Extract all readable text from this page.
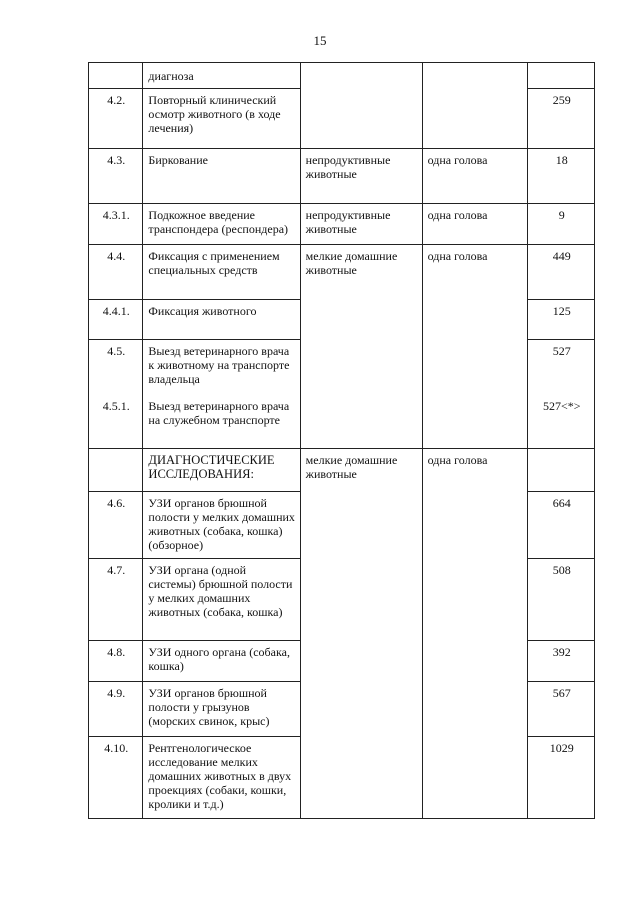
15
	диагноза			
4.2.	Повторный клинический осмотр животного (в ходе лечения)			259
4.3.	Биркование	непродуктивные животные	одна голова	18
4.3.1.	Подкожное введение транспондера (респондера)	непродуктивные животные	одна голова	9
4.4.	Фиксация с применением специальных средств	мелкие домашние животные	одна голова	449
4.4.1.	Фиксация животного			125

4.5.	Выезд ветеринарного врача к животному на транспорте владельца			527

4.5.1.	Выезд ветеринарного врача на служебном транспорте			527<*>
	ДИАГНОСТИЧЕСКИЕ ИССЛЕДОВАНИЯ:	мелкие домашние животные	одна голова	
4.6.	УЗИ органов брюшной полости у мелких домашних животных (собака, кошка) (обзорное)			664
4.7.	УЗИ органа (одной системы) брюшной полости у мелких домашних животных (собака, кошка)			508
4.8.	УЗИ одного органа (собака, кошка)			392
4.9.	УЗИ органов брюшной полости у грызунов (морских свинок, крыс)			567
4.10.	Рентгенологическое исследование мелких домашних животных в двух проекциях (собаки, кошки, кролики и т.д.)			1029
